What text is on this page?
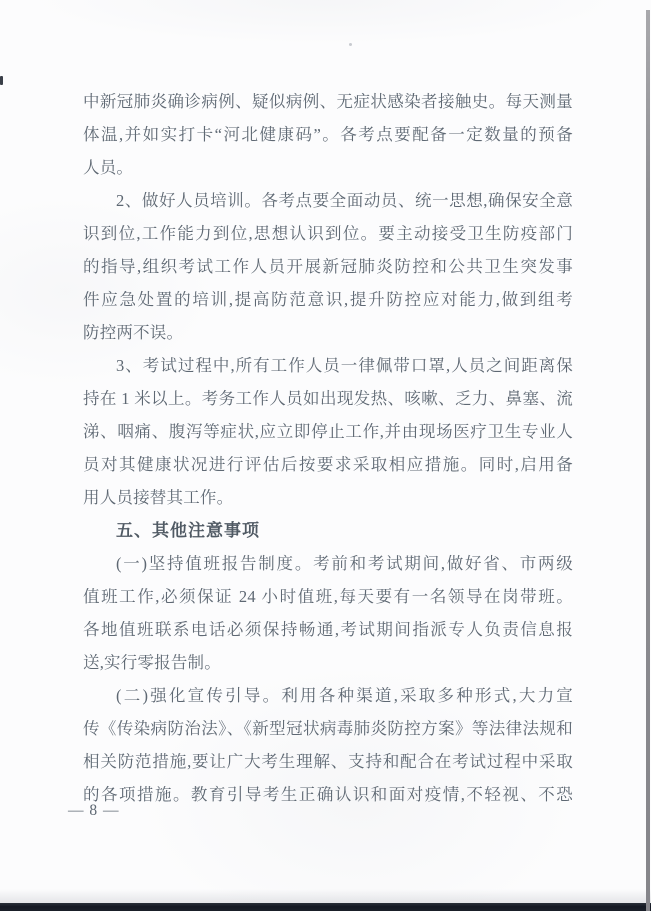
中新冠肺炎确诊病例、疑似病例、无症状感染者接触史。每天测量
体温,并如实打卡“河北健康码”。各考点要配备一定数量的预备
人员。
2、做好人员培训。各考点要全面动员、统一思想,确保安全意
识到位,工作能力到位,思想认识到位。要主动接受卫生防疫部门
的指导,组织考试工作人员开展新冠肺炎防控和公共卫生突发事
件应急处置的培训,提高防范意识,提升防控应对能力,做到组考
防控两不误。
3、考试过程中,所有工作人员一律佩带口罩,人员之间距离保
持在 1 米以上。考务工作人员如出现发热、咳嗽、乏力、鼻塞、流
涕、咽痛、腹泻等症状,应立即停止工作,并由现场医疗卫生专业人
员对其健康状况进行评估后按要求采取相应措施。同时,启用备
用人员接替其工作。
五、其他注意事项
(一)坚持值班报告制度。考前和考试期间,做好省、市两级
值班工作,必须保证 24 小时值班,每天要有一名领导在岗带班。
各地值班联系电话必须保持畅通,考试期间指派专人负责信息报
送,实行零报告制。
(二)强化宣传引导。利用各种渠道,采取多种形式,大力宣
传《传染病防治法》、《新型冠状病毒肺炎防控方案》等法律法规和
相关防范措施,要让广大考生理解、支持和配合在考试过程中采取
的各项措施。教育引导考生正确认识和面对疫情,不轻视、不恐
— 8 —
